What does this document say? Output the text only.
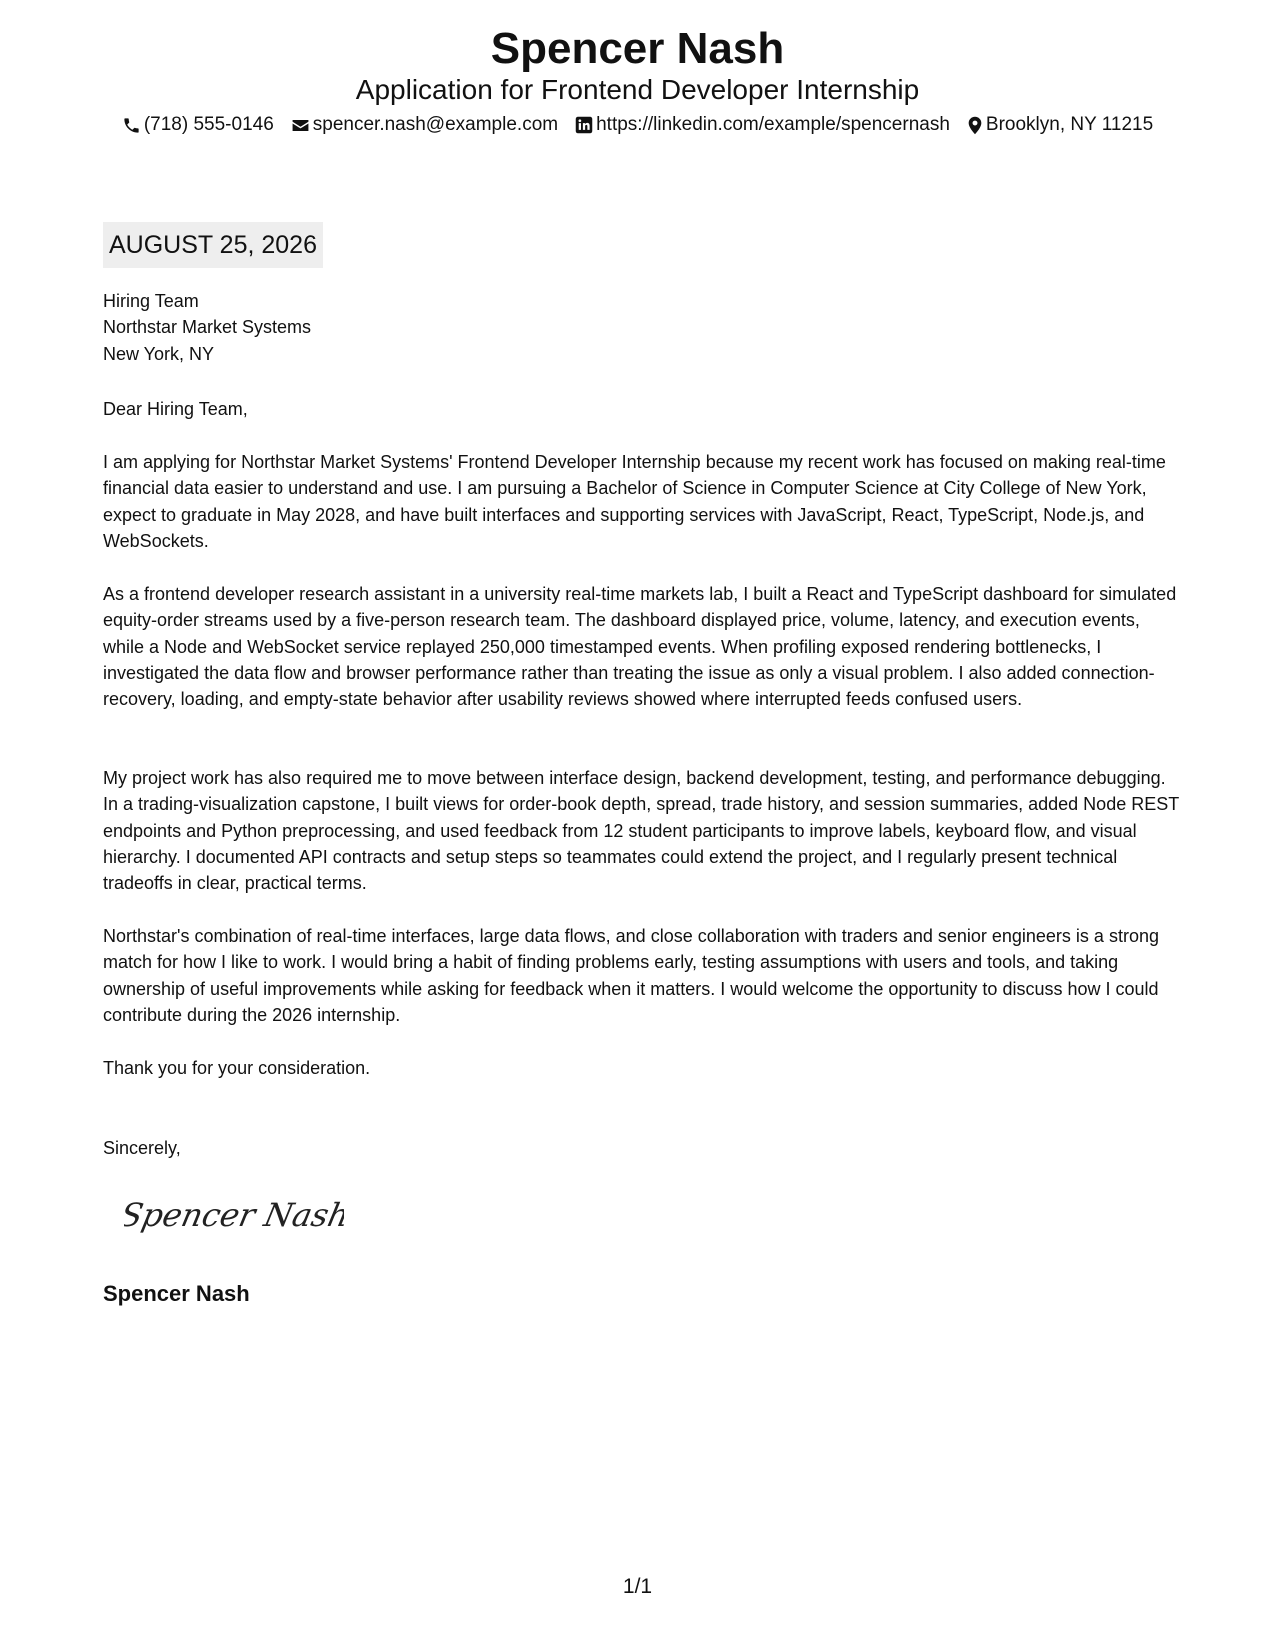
Spencer Nash
Application for Frontend Developer Internship
(718) 555-0146 spencer.nash@example.com https://linkedin.com/example/spencernash Brooklyn, NY 11215
AUGUST 25, 2026
Hiring Team
Northstar Market Systems
New York, NY
Dear Hiring Team,

I am applying for Northstar Market Systems' Frontend Developer Internship because my recent work has focused on making real-time financial data easier to understand and use. I am pursuing a Bachelor of Science in Computer Science at City College of New York, expect to graduate in May 2028, and have built interfaces and supporting services with JavaScript, React, TypeScript, Node.js, and WebSockets.

As a frontend developer research assistant in a university real-time markets lab, I built a React and TypeScript dashboard for simulated equity-order streams used by a five-person research team. The dashboard displayed price, volume, latency, and execution events, while a Node and WebSocket service replayed 250,000 timestamped events. When profiling exposed rendering bottlenecks, I investigated the data flow and browser performance rather than treating the issue as only a visual problem. I also added connection-recovery, loading, and empty-state behavior after usability reviews showed where interrupted feeds confused users.

My project work has also required me to move between interface design, backend development, testing, and performance debugging. In a trading-visualization capstone, I built views for order-book depth, spread, trade history, and session summaries, added Node REST endpoints and Python preprocessing, and used feedback from 12 student participants to improve labels, keyboard flow, and visual hierarchy. I documented API contracts and setup steps so teammates could extend the project, and I regularly present technical tradeoffs in clear, practical terms.

Northstar's combination of real-time interfaces, large data flows, and close collaboration with traders and senior engineers is a strong match for how I like to work. I would bring a habit of finding problems early, testing assumptions with users and tools, and taking ownership of useful improvements while asking for feedback when it matters. I would welcome the opportunity to discuss how I could contribute during the 2026 internship.

Thank you for your consideration.
Sincerely,
Spencer Nash
Spencer Nash
1/1
